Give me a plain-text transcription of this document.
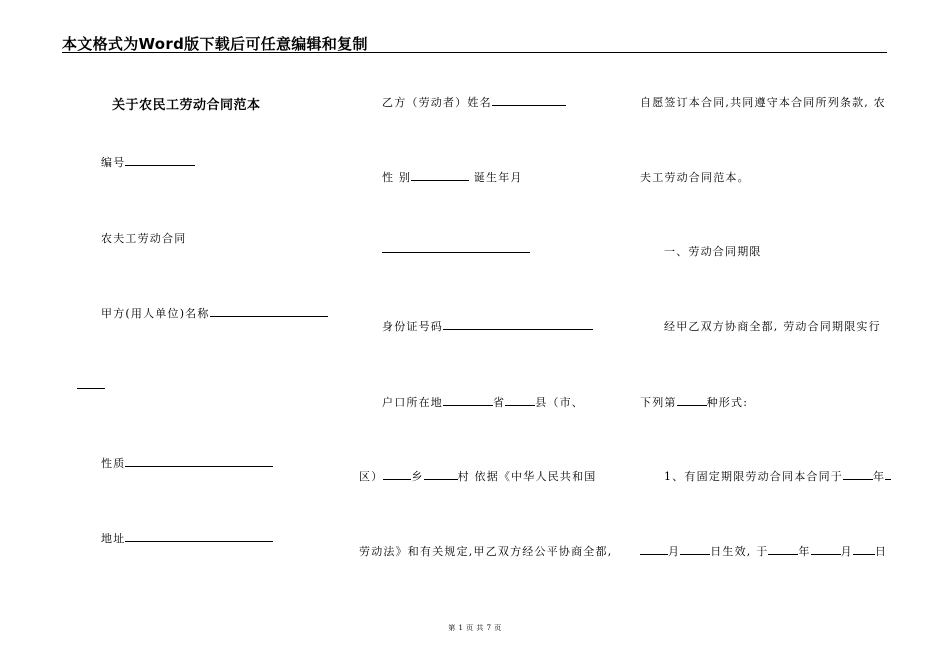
本文格式为Word版下载后可任意编辑和复制
关于农民工劳动合同范本
编号
农夫工劳动合同
甲方(用人单位)名称
性质
地址
乙方（劳动者）姓名
性 别	诞生年月
身份证号码
户口所在地	省	县（市、
区）	乡	村 依据《中华人民共和国
劳动法》和有关规定,甲乙双方经公平协商全都,
自愿签订本合同,共同遵守本合同所列条款, 农
夫工劳动合同范本。
一、劳动合同期限
经甲乙双方协商全都, 劳动合同期限实行
下列第	种形式:
1、有固定期限劳动合同本合同于	年
月	日生效, 于	年	月 日
第 1 页 共 7 页
